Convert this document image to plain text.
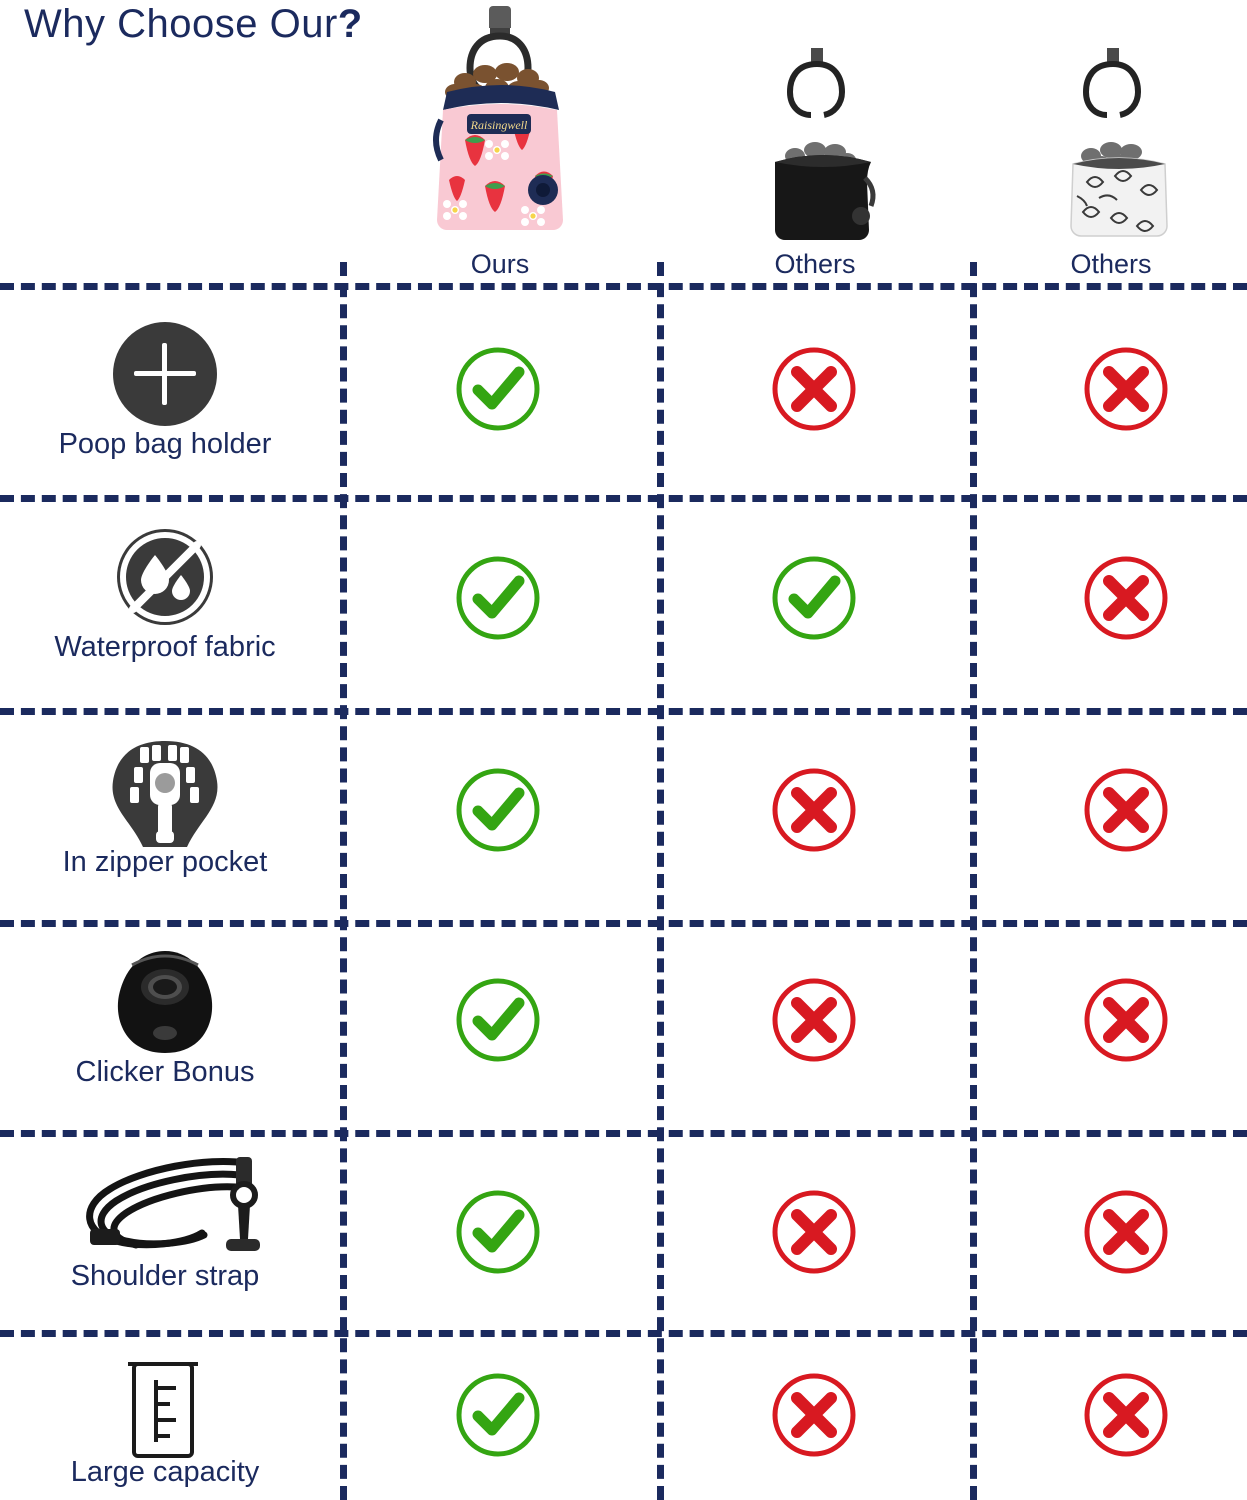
Why Choose Our?
Raisingwell
Ours	Others	Others
Poop bag holder
Waterproof fabric
In zipper pocket
Clicker Bonus
Shoulder strap
Large capacity
